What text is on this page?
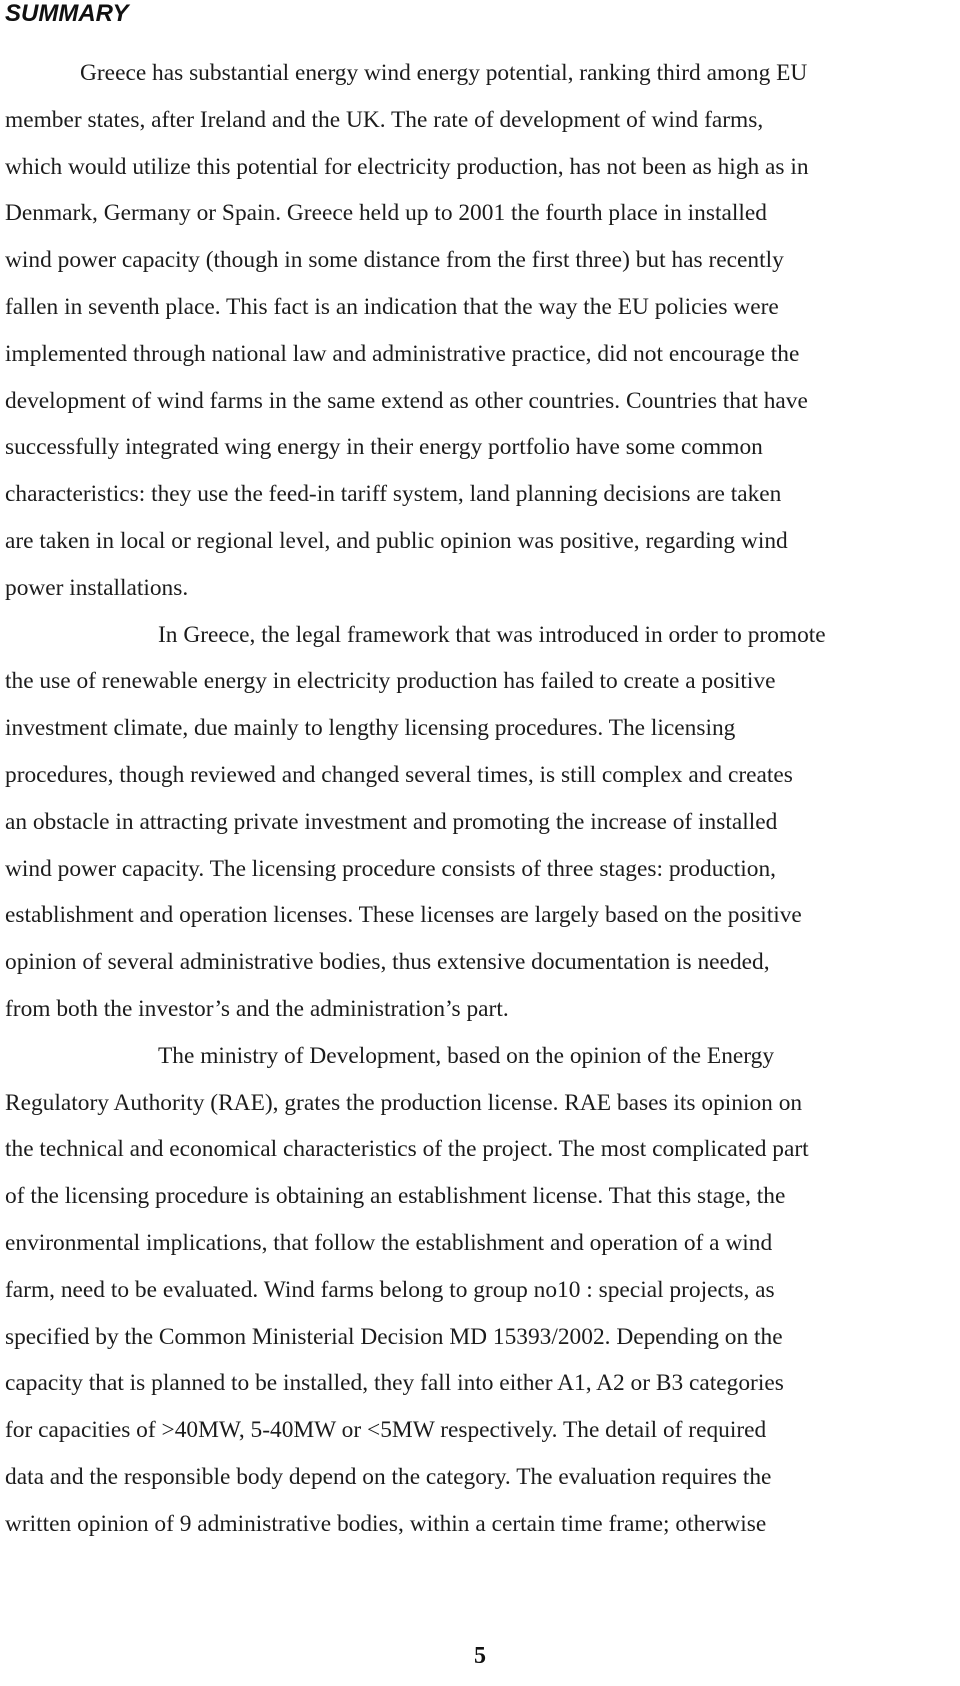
SUMMARY
Greece has substantial energy wind energy potential, ranking third among EU
member states, after Ireland and the UK. The rate of development of wind farms,
which would utilize this potential for electricity production, has not been as high as in
Denmark, Germany or Spain. Greece held up to 2001 the fourth place in installed
wind power capacity (though in some distance from the first three) but has recently
fallen in seventh place. This fact is an indication that the way the EU policies were
implemented through national law and administrative practice, did not encourage the
development of wind farms in the same extend as other countries. Countries that have
successfully integrated wing energy in their energy portfolio have some common
characteristics: they use the feed-in tariff system, land planning decisions are taken
are taken in local or regional level, and public opinion was positive, regarding wind
power installations.
In Greece, the legal framework that was introduced in order to promote
the use of renewable energy in electricity production has failed to create a positive
investment climate, due mainly to lengthy licensing procedures. The licensing
procedures, though reviewed and changed several times, is still complex and creates
an obstacle in attracting private investment and promoting the increase of installed
wind power capacity. The licensing procedure consists of three stages: production,
establishment and operation licenses. These licenses are largely based on the positive
opinion of several administrative bodies, thus extensive documentation is needed,
from both the investor’s and the administration’s part.
The ministry of Development, based on the opinion of the Energy
Regulatory Authority (RAE), grates the production license. RAE bases its opinion on
the technical and economical characteristics of the project. The most complicated part
of the licensing procedure is obtaining an establishment license. That this stage, the
environmental implications, that follow the establishment and operation of a wind
farm, need to be evaluated. Wind farms belong to group no10 : special projects, as
specified by the Common Ministerial Decision MD 15393/2002. Depending on the
capacity that is planned to be installed, they fall into either A1, A2 or B3 categories
for capacities of >40MW, 5-40MW or <5MW respectively. The detail of required
data and the responsible body depend on the category. The evaluation requires the
written opinion of 9 administrative bodies, within a certain time frame; otherwise
5
